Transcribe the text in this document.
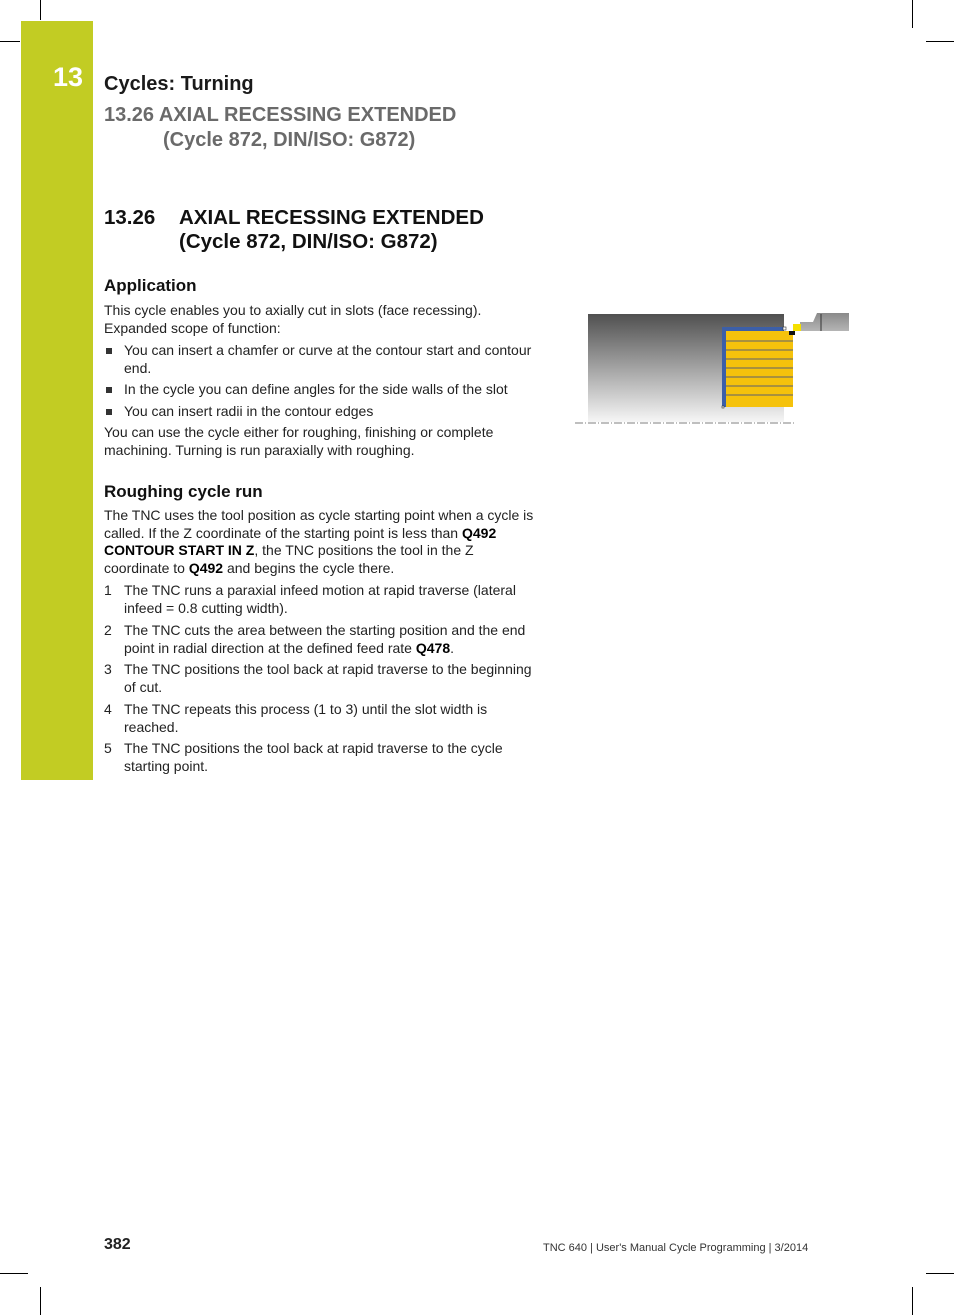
13 Cycles: Turning
13.26 AXIAL RECESSING EXTENDED
(Cycle 872, DIN/ISO: G872)
13.26 AXIAL RECESSING EXTENDED
(Cycle 872, DIN/ISO: G872)
Application
This cycle enables you to axially cut in slots (face recessing).
Expanded scope of function:
You can insert a chamfer or curve at the contour start and contour end.
In the cycle you can define angles for the side walls of the slot
You can insert radii in the contour edges
You can use the cycle either for roughing, finishing or complete machining. Turning is run paraxially with roughing.
Roughing cycle run
The TNC uses the tool position as cycle starting point when a cycle is called. If the Z coordinate of the starting point is less than Q492 CONTOUR START IN Z, the TNC positions the tool in the Z coordinate to Q492 and begins the cycle there.
1 The TNC runs a paraxial infeed motion at rapid traverse (lateral infeed = 0.8 cutting width).
2 The TNC cuts the area between the starting position and the end point in radial direction at the defined feed rate Q478.
3 The TNC positions the tool back at rapid traverse to the beginning of cut.
4 The TNC repeats this process (1 to 3) until the slot width is reached.
5 The TNC positions the tool back at rapid traverse to the cycle starting point.
382	TNC 640 | User's Manual Cycle Programming | 3/2014
